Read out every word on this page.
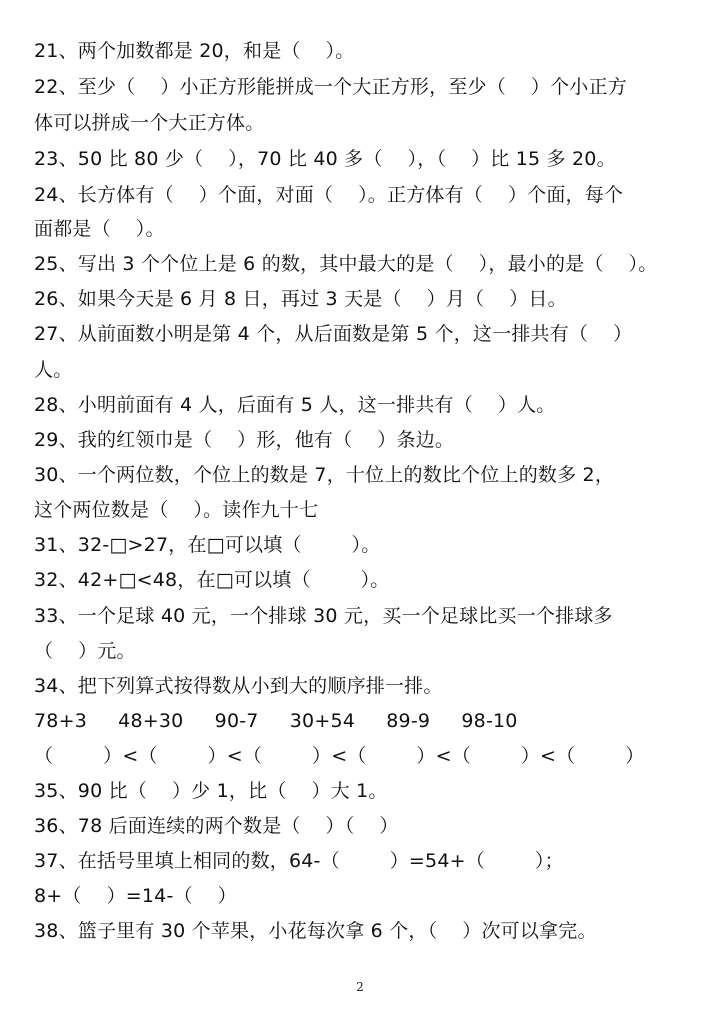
21、两个加数都是 20，和是（    ）。
22、至少（    ）小正方形能拼成一个大正方形，至少（    ）个小正方
体可以拼成一个大正方体。
23、50 比 80 少（    ），70 比 40 多（    ），（    ）比 15 多 20。
24、长方体有（    ）个面，对面（    ）。正方体有（    ）个面，每个
面都是（    ）。
25、写出 3 个个位上是 6 的数，其中最大的是（    ），最小的是（    ）。
26、如果今天是 6 月 8 日，再过 3 天是（    ）月（    ）日。
27、从前面数小明是第 4 个，从后面数是第 5 个，这一排共有（    ）
人。
28、小明前面有 4 人，后面有 5 人，这一排共有（    ）人。
29、我的红领巾是（    ）形，他有（    ）条边。
30、一个两位数，个位上的数是 7，十位上的数比个位上的数多 2，
这个两位数是（    ）。读作九十七
31、32-□>27，在□可以填（        ）。
32、42+□<48，在□可以填（        ）。
33、一个足球 40 元，一个排球 30 元，买一个足球比买一个排球多
（    ）元。
34、把下列算式按得数从小到大的顺序排一排。
78+3     48+30     90-7     30+54     89-9     98-10
（        ）<（        ）<（        ）<（        ）<（        ）<（        ）
35、90 比（    ）少 1，比（    ）大 1。
36、78 后面连续的两个数是（    ）（    ）
37、在括号里填上相同的数，64-（        ）=54+（        ）；
8+（    ）=14-（    ）
38、篮子里有 30 个苹果，小花每次拿 6 个，（    ）次可以拿完。
2
